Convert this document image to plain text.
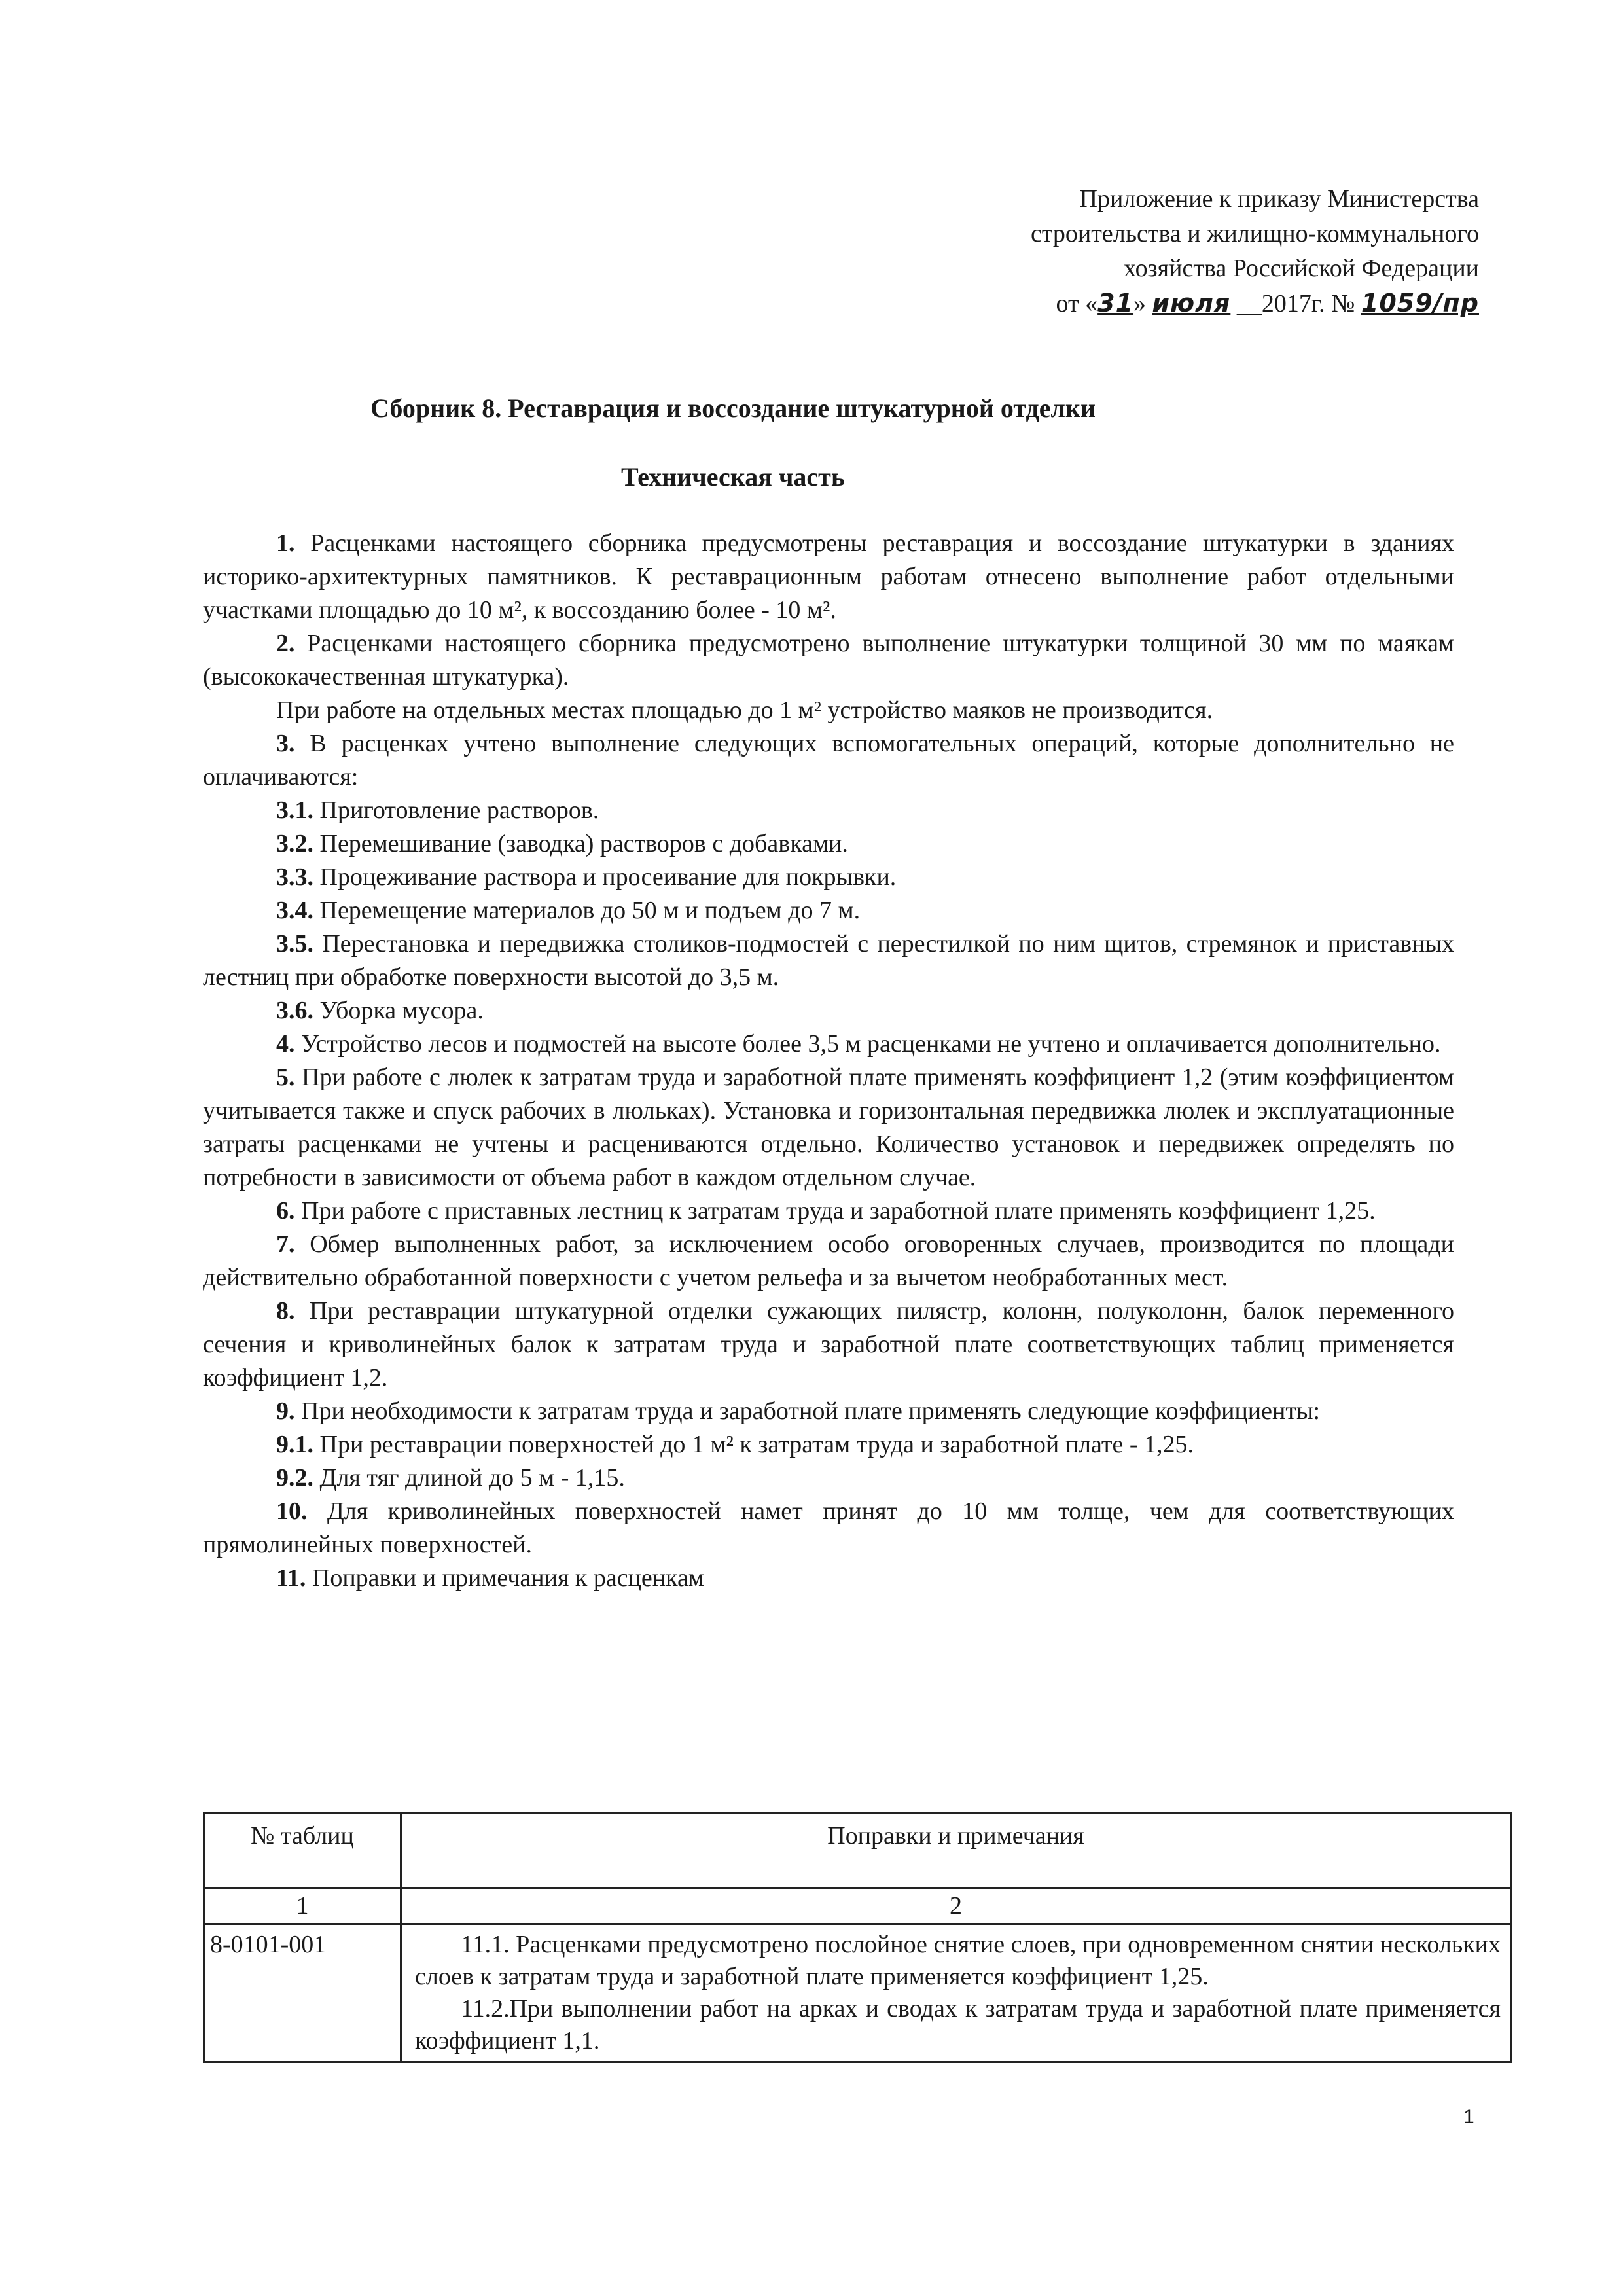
Приложение к приказу Министерства
строительства и жилищно-коммунального
хозяйства Российской Федерации
от «31» июля __2017г. № 1059/пр
Сборник 8. Реставрация и воссоздание штукатурной отделки
Техническая часть

1. Расценками настоящего сборника предусмотрены реставрация и воссоздание штукатурки в зданиях историко-архитектурных памятников. К реставрационным работам отнесено выполнение работ отдельными участками площадью до 10 м², к воссозданию более - 10 м².

2. Расценками настоящего сборника предусмотрено выполнение штукатурки толщиной 30 мм по маякам (высококачественная штукатурка).

При работе на отдельных местах площадью до 1 м² устройство маяков не производится.

3. В расценках учтено выполнение следующих вспомогательных операций, которые дополнительно не оплачиваются:

3.1. Приготовление растворов.

3.2. Перемешивание (заводка) растворов с добавками.

3.3. Процеживание раствора и просеивание для покрывки.

3.4. Перемещение материалов до 50 м и подъем до 7 м.

3.5. Перестановка и передвижка столиков-подмостей с перестилкой по ним щитов, стремянок и приставных лестниц при обработке поверхности высотой до 3,5 м.

3.6. Уборка мусора.

4. Устройство лесов и подмостей на высоте более 3,5 м расценками не учтено и оплачивается дополнительно.

5. При работе с люлек к затратам труда и заработной плате применять коэффициент 1,2 (этим коэффициентом учитывается также и спуск рабочих в люльках). Установка и горизонтальная передвижка люлек и эксплуатационные затраты расценками не учтены и расцениваются отдельно. Количество установок и передвижек определять по потребности в зависимости от объема работ в каждом отдельном случае.

6. При работе с приставных лестниц к затратам труда и заработной плате применять коэффициент 1,25.

7. Обмер выполненных работ, за исключением особо оговоренных случаев, производится по площади действительно обработанной поверхности с учетом рельефа и за вычетом необработанных мест.

8. При реставрации штукатурной отделки сужающих пилястр, колонн, полуколонн, балок переменного сечения и криволинейных балок к затратам труда и заработной плате соответствующих таблиц применяется коэффициент 1,2.

9. При необходимости к затратам труда и заработной плате применять следующие коэффициенты:

9.1. При реставрации поверхностей до 1 м² к затратам труда и заработной плате - 1,25.

9.2. Для тяг длиной до 5 м - 1,15.

10. Для криволинейных поверхностей намет принят до 10 мм толще, чем для соответствующих прямолинейных поверхностей.

11. Поправки и примечания к расценкам

№ таблиц	Поправки и примечания
1	2
8-0101-001	11.1. Расценками предусмотрено послойное снятие слоев, при одновременном снятии нескольких слоев к затратам труда и заработной плате применяется коэффициент 1,25.

11.2.При выполнении работ на арках и сводах к затратам труда и заработной плате применяется коэффициент 1,1.

1
